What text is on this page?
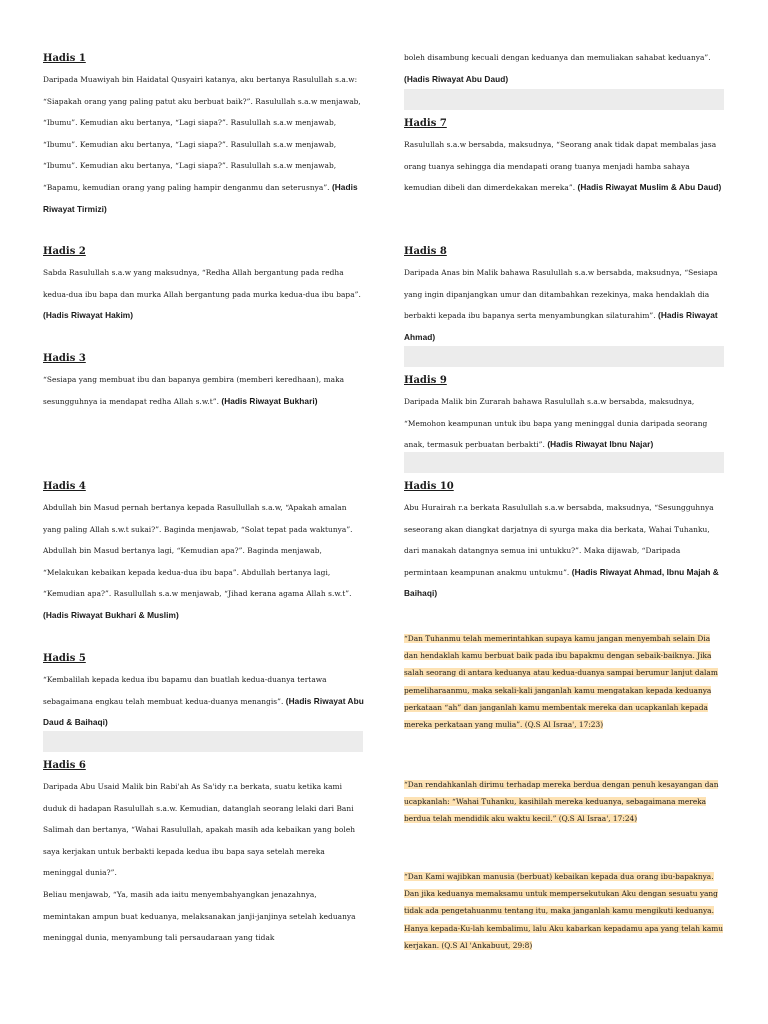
Hadis 1
Daripada Muawiyah bin Haidatal Qusyairi katanya, aku bertanya Rasulullah s.a.w: “Siapakah orang yang paling patut aku berbuat baik?”. Rasulullah s.a.w menjawab, “Ibumu”. Kemudian aku bertanya, “Lagi siapa?”. Rasulullah s.a.w menjawab, “Ibumu”. Kemudian aku bertanya, “Lagi siapa?”. Rasulullah s.a.w menjawab, “Ibumu”. Kemudian aku bertanya, “Lagi siapa?”. Rasulullah s.a.w menjawab, “Bapamu, kemudian orang yang paling hampir denganmu dan seterusnya”. (Hadis Riwayat Tirmizi)
Hadis 2
Sabda Rasulullah s.a.w yang maksudnya, “Redha Allah bergantung pada redha kedua-dua ibu bapa dan murka Allah bergantung pada murka kedua-dua ibu bapa”. (Hadis Riwayat Hakim)
Hadis 3
“Sesiapa yang membuat ibu dan bapanya gembira (memberi keredhaan), maka sesungguhnya ia mendapat redha Allah s.w.t”. (Hadis Riwayat Bukhari)
Hadis 4
Abdullah bin Masud pernah bertanya kepada Rasullullah s.a.w, “Apakah amalan yang paling Allah s.w.t sukai?”. Baginda menjawab, “Solat tepat pada waktunya”. Abdullah bin Masud bertanya lagi, “Kemudian apa?”. Baginda menjawab, “Melakukan kebaikan kepada kedua-dua ibu bapa”. Abdullah bertanya lagi, “Kemudian apa?”. Rasullullah s.a.w menjawab, “Jihad kerana agama Allah s.w.t”. (Hadis Riwayat Bukhari & Muslim)
Hadis 5
“Kembalilah kepada kedua ibu bapamu dan buatlah kedua-duanya tertawa sebagaimana engkau telah membuat kedua-duanya menangis”. (Hadis Riwayat Abu Daud & Baihaqi)
Hadis 6
Daripada Abu Usaid Malik bin Rabi'ah As Sa'idy r.a berkata, suatu ketika kami duduk di hadapan Rasulullah s.a.w. Kemudian, datanglah seorang lelaki dari Bani Salimah dan bertanya, “Wahai Rasulullah, apakah masih ada kebaikan yang boleh saya kerjakan untuk berbakti kepada kedua ibu bapa saya setelah mereka meninggal dunia?”.
Beliau menjawab, “Ya, masih ada iaitu menyembahyangkan jenazahnya, memintakan ampun buat keduanya, melaksanakan janji-janjinya setelah keduanya meninggal dunia, menyambung tali persaudaraan yang tidak
boleh disambung kecuali dengan keduanya dan memuliakan sahabat keduanya”. (Hadis Riwayat Abu Daud)
Hadis 7
Rasulullah s.a.w bersabda, maksudnya, “Seorang anak tidak dapat membalas jasa orang tuanya sehingga dia mendapati orang tuanya menjadi hamba sahaya kemudian dibeli dan dimerdekakan mereka”. (Hadis Riwayat Muslim & Abu Daud)
Hadis 8
Daripada Anas bin Malik bahawa Rasulullah s.a.w bersabda, maksudnya, “Sesiapa yang ingin dipanjangkan umur dan ditambahkan rezekinya, maka hendaklah dia berbakti kepada ibu bapanya serta menyambungkan silaturahim”. (Hadis Riwayat Ahmad)
Hadis 9
Daripada Malik bin Zurarah bahawa Rasulullah s.a.w bersabda, maksudnya, “Memohon keampunan untuk ibu bapa yang meninggal dunia daripada seorang anak, termasuk perbuatan berbakti”. (Hadis Riwayat Ibnu Najar)
Hadis 10
Abu Hurairah r.a berkata Rasulullah s.a.w bersabda, maksudnya, “Sesungguhnya seseorang akan diangkat darjatnya di syurga maka dia berkata, Wahai Tuhanku, dari manakah datangnya semua ini untukku?”. Maka dijawab, “Daripada permintaan keampunan anakmu untukmu”. (Hadis Riwayat Ahmad, Ibnu Majah & Baihaqi)
“Dan Tuhanmu telah memerintahkan supaya kamu jangan menyembah selain Dia dan hendaklah kamu berbuat baik pada ibu bapakmu dengan sebaik-baiknya. Jika salah seorang di antara keduanya atau kedua-duanya sampai berumur lanjut dalam pemeliharaanmu, maka sekali-kali janganlah kamu mengatakan kepada keduanya perkataan “ah” dan janganlah kamu membentak mereka dan ucapkanlah kepada mereka perkataan yang mulia”. (Q.S Al Israa', 17:23)
“Dan rendahkanlah dirimu terhadap mereka berdua dengan penuh kesayangan dan ucapkanlah: “Wahai Tuhanku, kasihilah mereka keduanya, sebagaimana mereka berdua telah mendidik aku waktu kecil.” (Q.S Al Israa', 17:24)
“Dan Kami wajibkan manusia (berbuat) kebaikan kepada dua orang ibu-bapaknya. Dan jika keduanya memaksamu untuk mempersekutukan Aku dengan sesuatu yang tidak ada pengetahuanmu tentang itu, maka janganlah kamu mengikuti keduanya. Hanya kepada-Ku-lah kembalimu, lalu Aku kabarkan kepadamu apa yang telah kamu kerjakan. (Q.S Al 'Ankabuut, 29:8)
